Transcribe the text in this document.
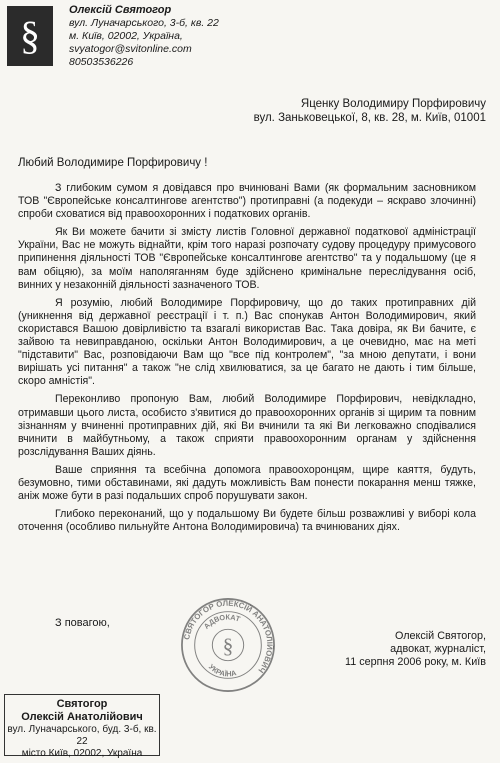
§
Олексій Святогор
вул. Луначарського, 3-б, кв. 22
м. Київ, 02002, Україна,
svyatogor@svitonline.com
80503536226
Яценку Володимиру Порфировичу
вул. Заньковецької, 8, кв. 28, м. Київ, 01001
Любий Володимире Порфировичу !

З глибоким сумом я довідався про вчинювані Вами (як формальним засновником ТОВ "Європейське консалтингове агентство") протиправні (а подекуди – яскраво злочинні) спроби сховатися від правоохоронних і податкових органів.

Як Ви можете бачити зі змісту листів Головної державної податкової адміністрації України, Вас не можуть віднайти, крім того наразі розпочату судову процедуру примусового припинення діяльності ТОВ "Європейське консалтингове агентство" та у подальшому (це я вам обіцяю), за моїм наполяганням буде здійснено кримінальне переслідування осіб, винних у незаконній діяльності зазначеного ТОВ.

Я розумію, любий Володимире Порфировичу, що до таких протиправних дій (уникнення від державної реєстрації і т. п.) Вас спонукав Антон Володимирович, який скористався Вашою довірливістю та взагалі використав Вас. Така довіра, як Ви бачите, є зайвою та невиправданою, оскільки Антон Володимирович, а це очевидно, має на меті "підставити" Вас, розповідаючи Вам що "все під контролем", "за мною депутати, і вони вирішать усі питання" а також "не слід хвилюватися, за це багато не дають і тим більше, скоро амністія".

Переконливо пропоную Вам, любий Володимире Порфирович, невідкладно, отримавши цього листа, особисто з'явитися до правоохоронних органів зі щирим та повним зізнанням у вчиненні протиправних дій, які Ви вчинили та які Ви легковажно сподівалися вчинити в майбутньому, а також сприяти правоохоронним органам у здійснення розслідування Ваших діянь.

Ваше сприяння та всебічна допомога правоохоронцям, щире каяття, будуть, безумовно, тими обставинами, які дадуть можливість Вам понести покарання менш тяжке, аніж може бути в разі подальших спроб порушувати закон.

Глибоко переконаний, що у подальшому Ви будете більш розважливі у виборі кола оточення (особливо пильнуйте Антона Володимировича) та вчинюваних діях.

З повагою,
СВЯТОГОР ОЛЕКСІЙ АНАТОЛІЙОВИЧ
АДВОКАТ
УКРАЇНА
§	Олексій Святогор,
адвокат, журналіст,
11 серпня 2006 року, м. Київ
Святогор
Олексій Анатолійович
вул. Луначарського, буд. 3-б, кв. 22
місто Київ, 02002, Україна
